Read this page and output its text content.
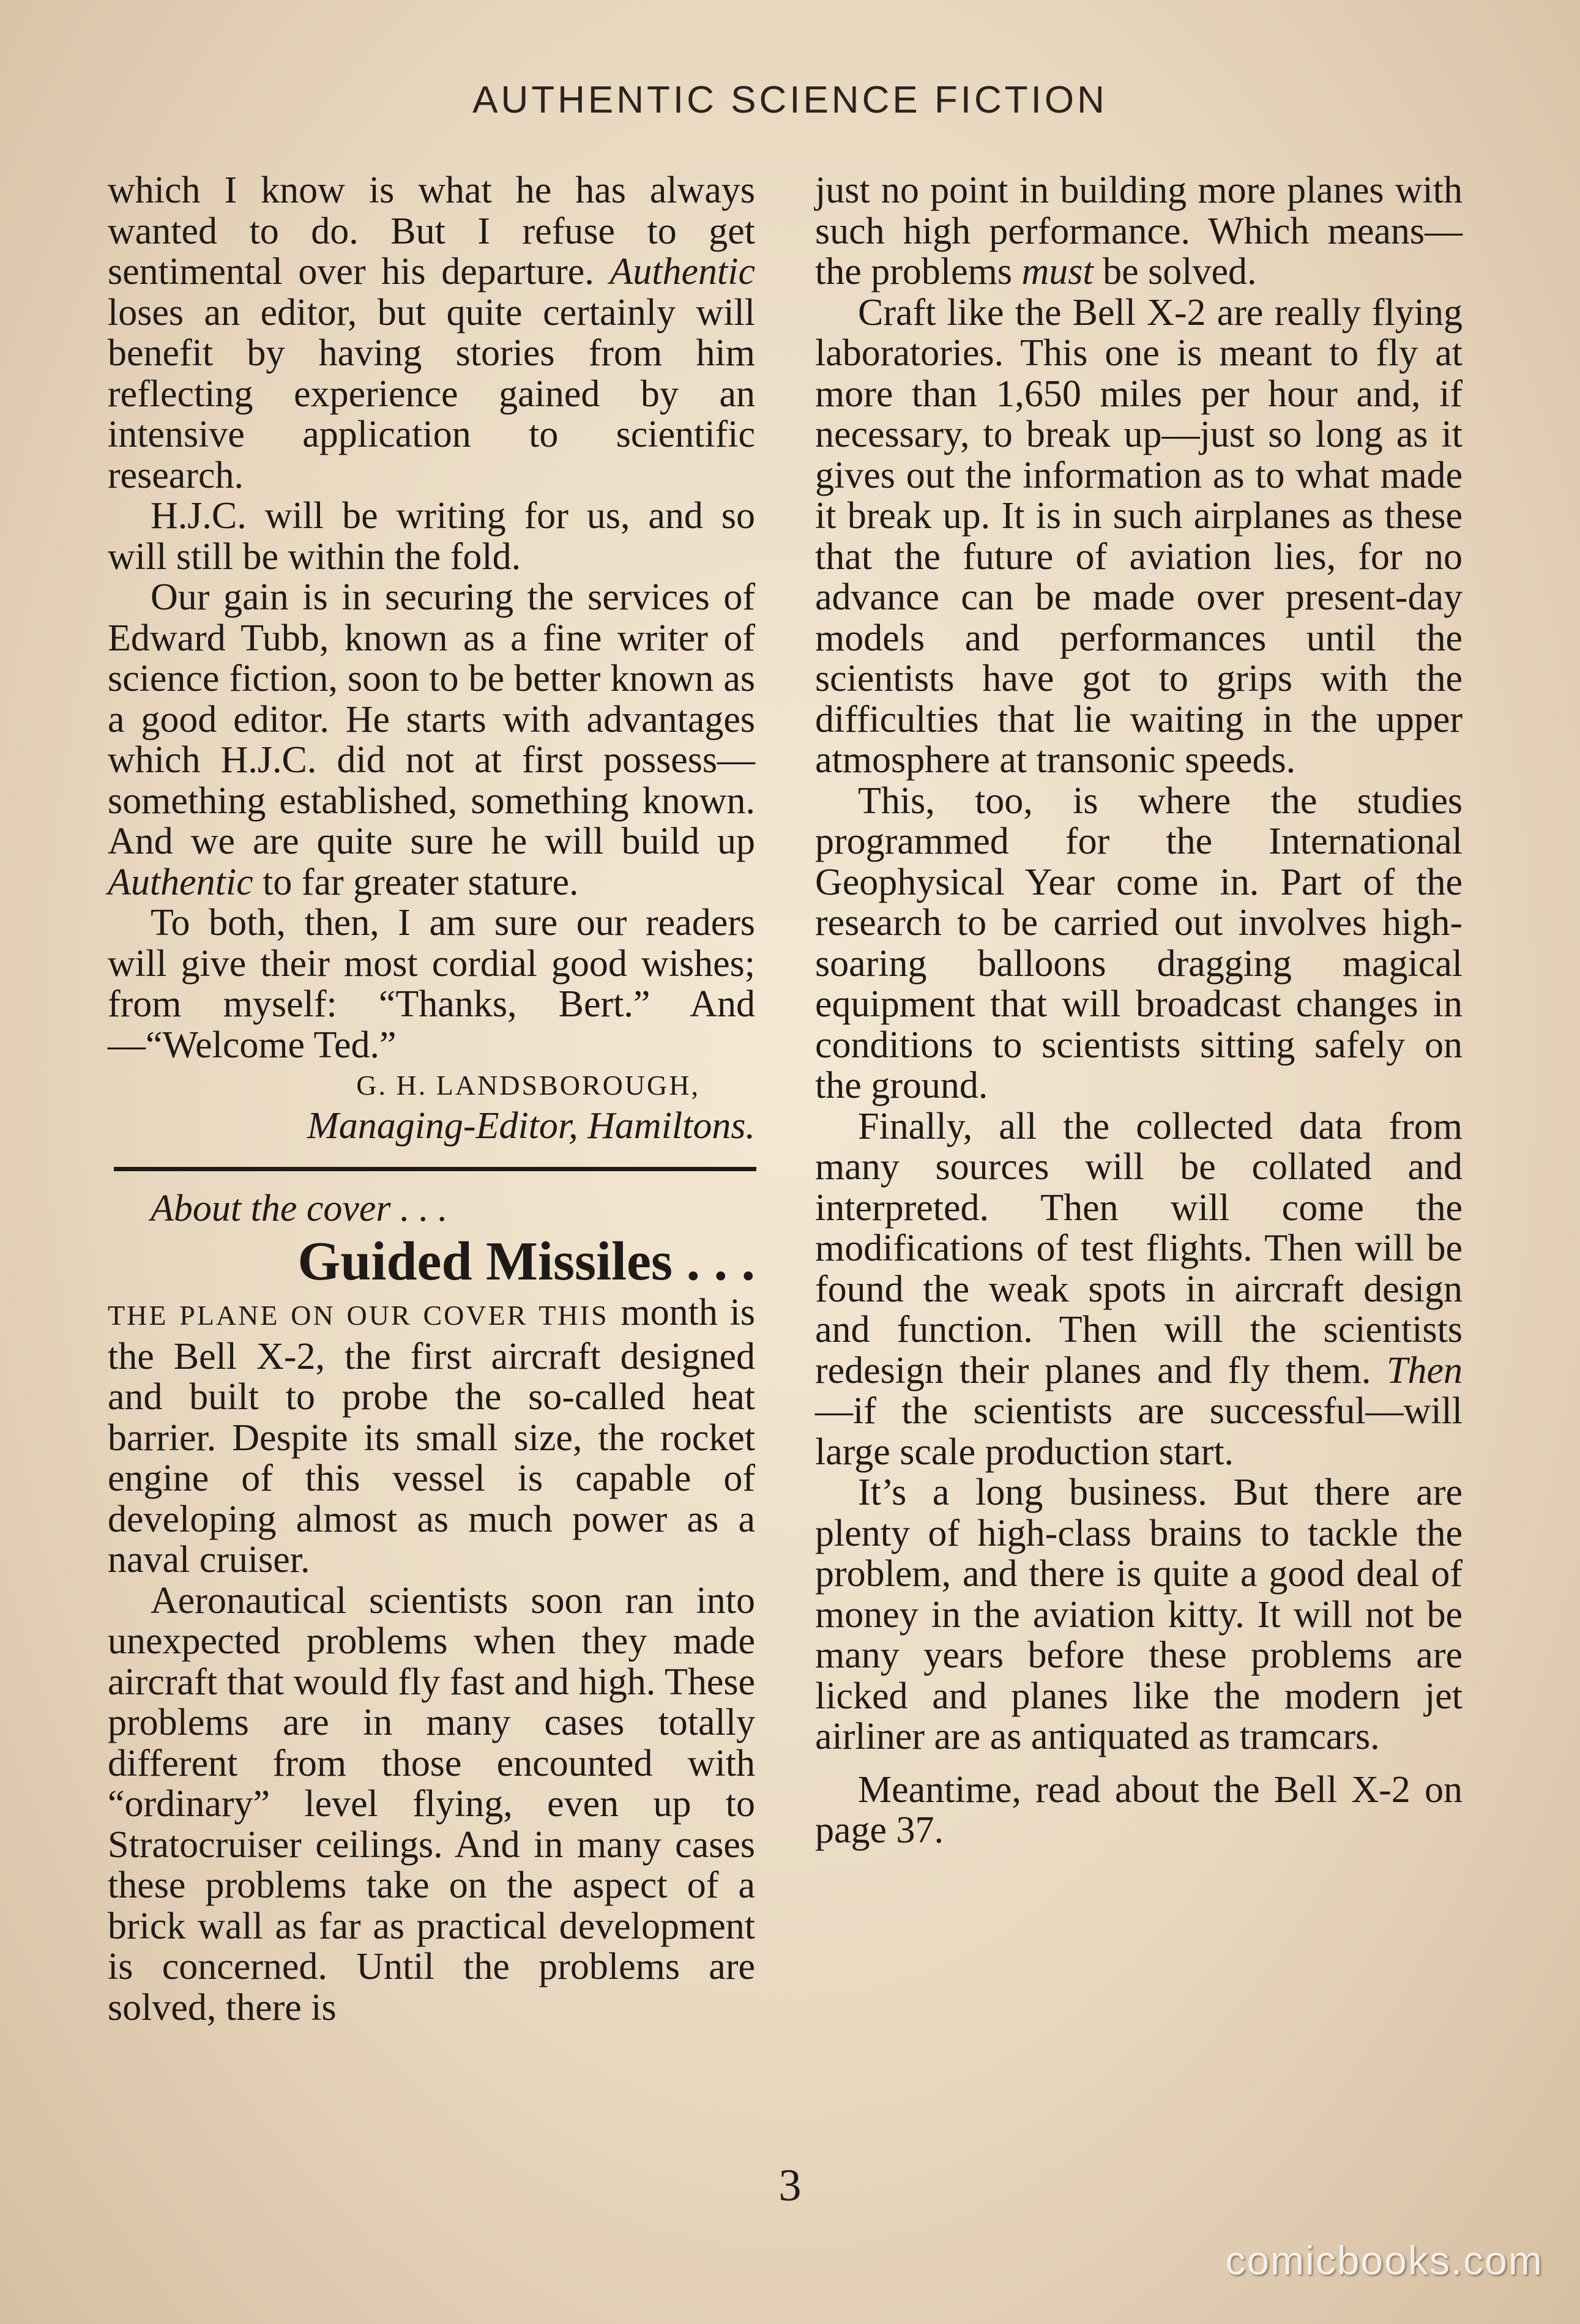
AUTHENTIC SCIENCE FICTION

which I know is what he has always wanted to do. But I refuse to get sentimental over his departure. Authentic loses an editor, but quite certainly will benefit by having stories from him reflecting experience gained by an intensive application to scientific research.

H.J.C. will be writing for us, and so will still be within the fold.

Our gain is in securing the services of Edward Tubb, known as a fine writer of science fiction, soon to be better known as a good editor. He starts with advantages which H.J.C. did not at first possess—something established, something known. And we are quite sure he will build up Authentic to far greater stature.

To both, then, I am sure our readers will give their most cordial good wishes; from myself: “Thanks, Bert.” And—“Welcome Ted.”

G. H. LANDSBOROUGH,

Managing-Editor, Hamiltons.

About the cover . . .

Guided Missiles . . .

THE PLANE ON OUR COVER THIS month is the Bell X-2, the first aircraft designed and built to probe the so-called heat barrier. Despite its small size, the rocket engine of this vessel is capable of developing almost as much power as a naval cruiser.

Aeronautical scientists soon ran into unexpected problems when they made aircraft that would fly fast and high. These problems are in many cases totally different from those encounted with “ordinary” level flying, even up to Stratocruiser ceilings. And in many cases these problems take on the aspect of a brick wall as far as practical development is concerned. Until the problems are solved, there is

just no point in building more planes with such high performance. Which means—the problems must be solved.

Craft like the Bell X-2 are really flying laboratories. This one is meant to fly at more than 1,650 miles per hour and, if necessary, to break up—just so long as it gives out the information as to what made it break up. It is in such airplanes as these that the future of aviation lies, for no advance can be made over present-day models and performances until the scientists have got to grips with the difficulties that lie waiting in the upper atmosphere at transonic speeds.

This, too, is where the studies programmed for the International Geophysical Year come in. Part of the research to be carried out involves high-soaring balloons dragging magical equipment that will broadcast changes in conditions to scientists sitting safely on the ground.

Finally, all the collected data from many sources will be collated and interpreted. Then will come the modifications of test flights. Then will be found the weak spots in aircraft design and function. Then will the scientists redesign their planes and fly them. Then—if the scientists are successful—will large scale production start.

It’s a long business. But there are plenty of high-class brains to tackle the problem, and there is quite a good deal of money in the aviation kitty. It will not be many years before these problems are licked and planes like the modern jet airliner are as antiquated as tramcars.

Meantime, read about the Bell X-2 on page 37.

3
comicbooks.com
